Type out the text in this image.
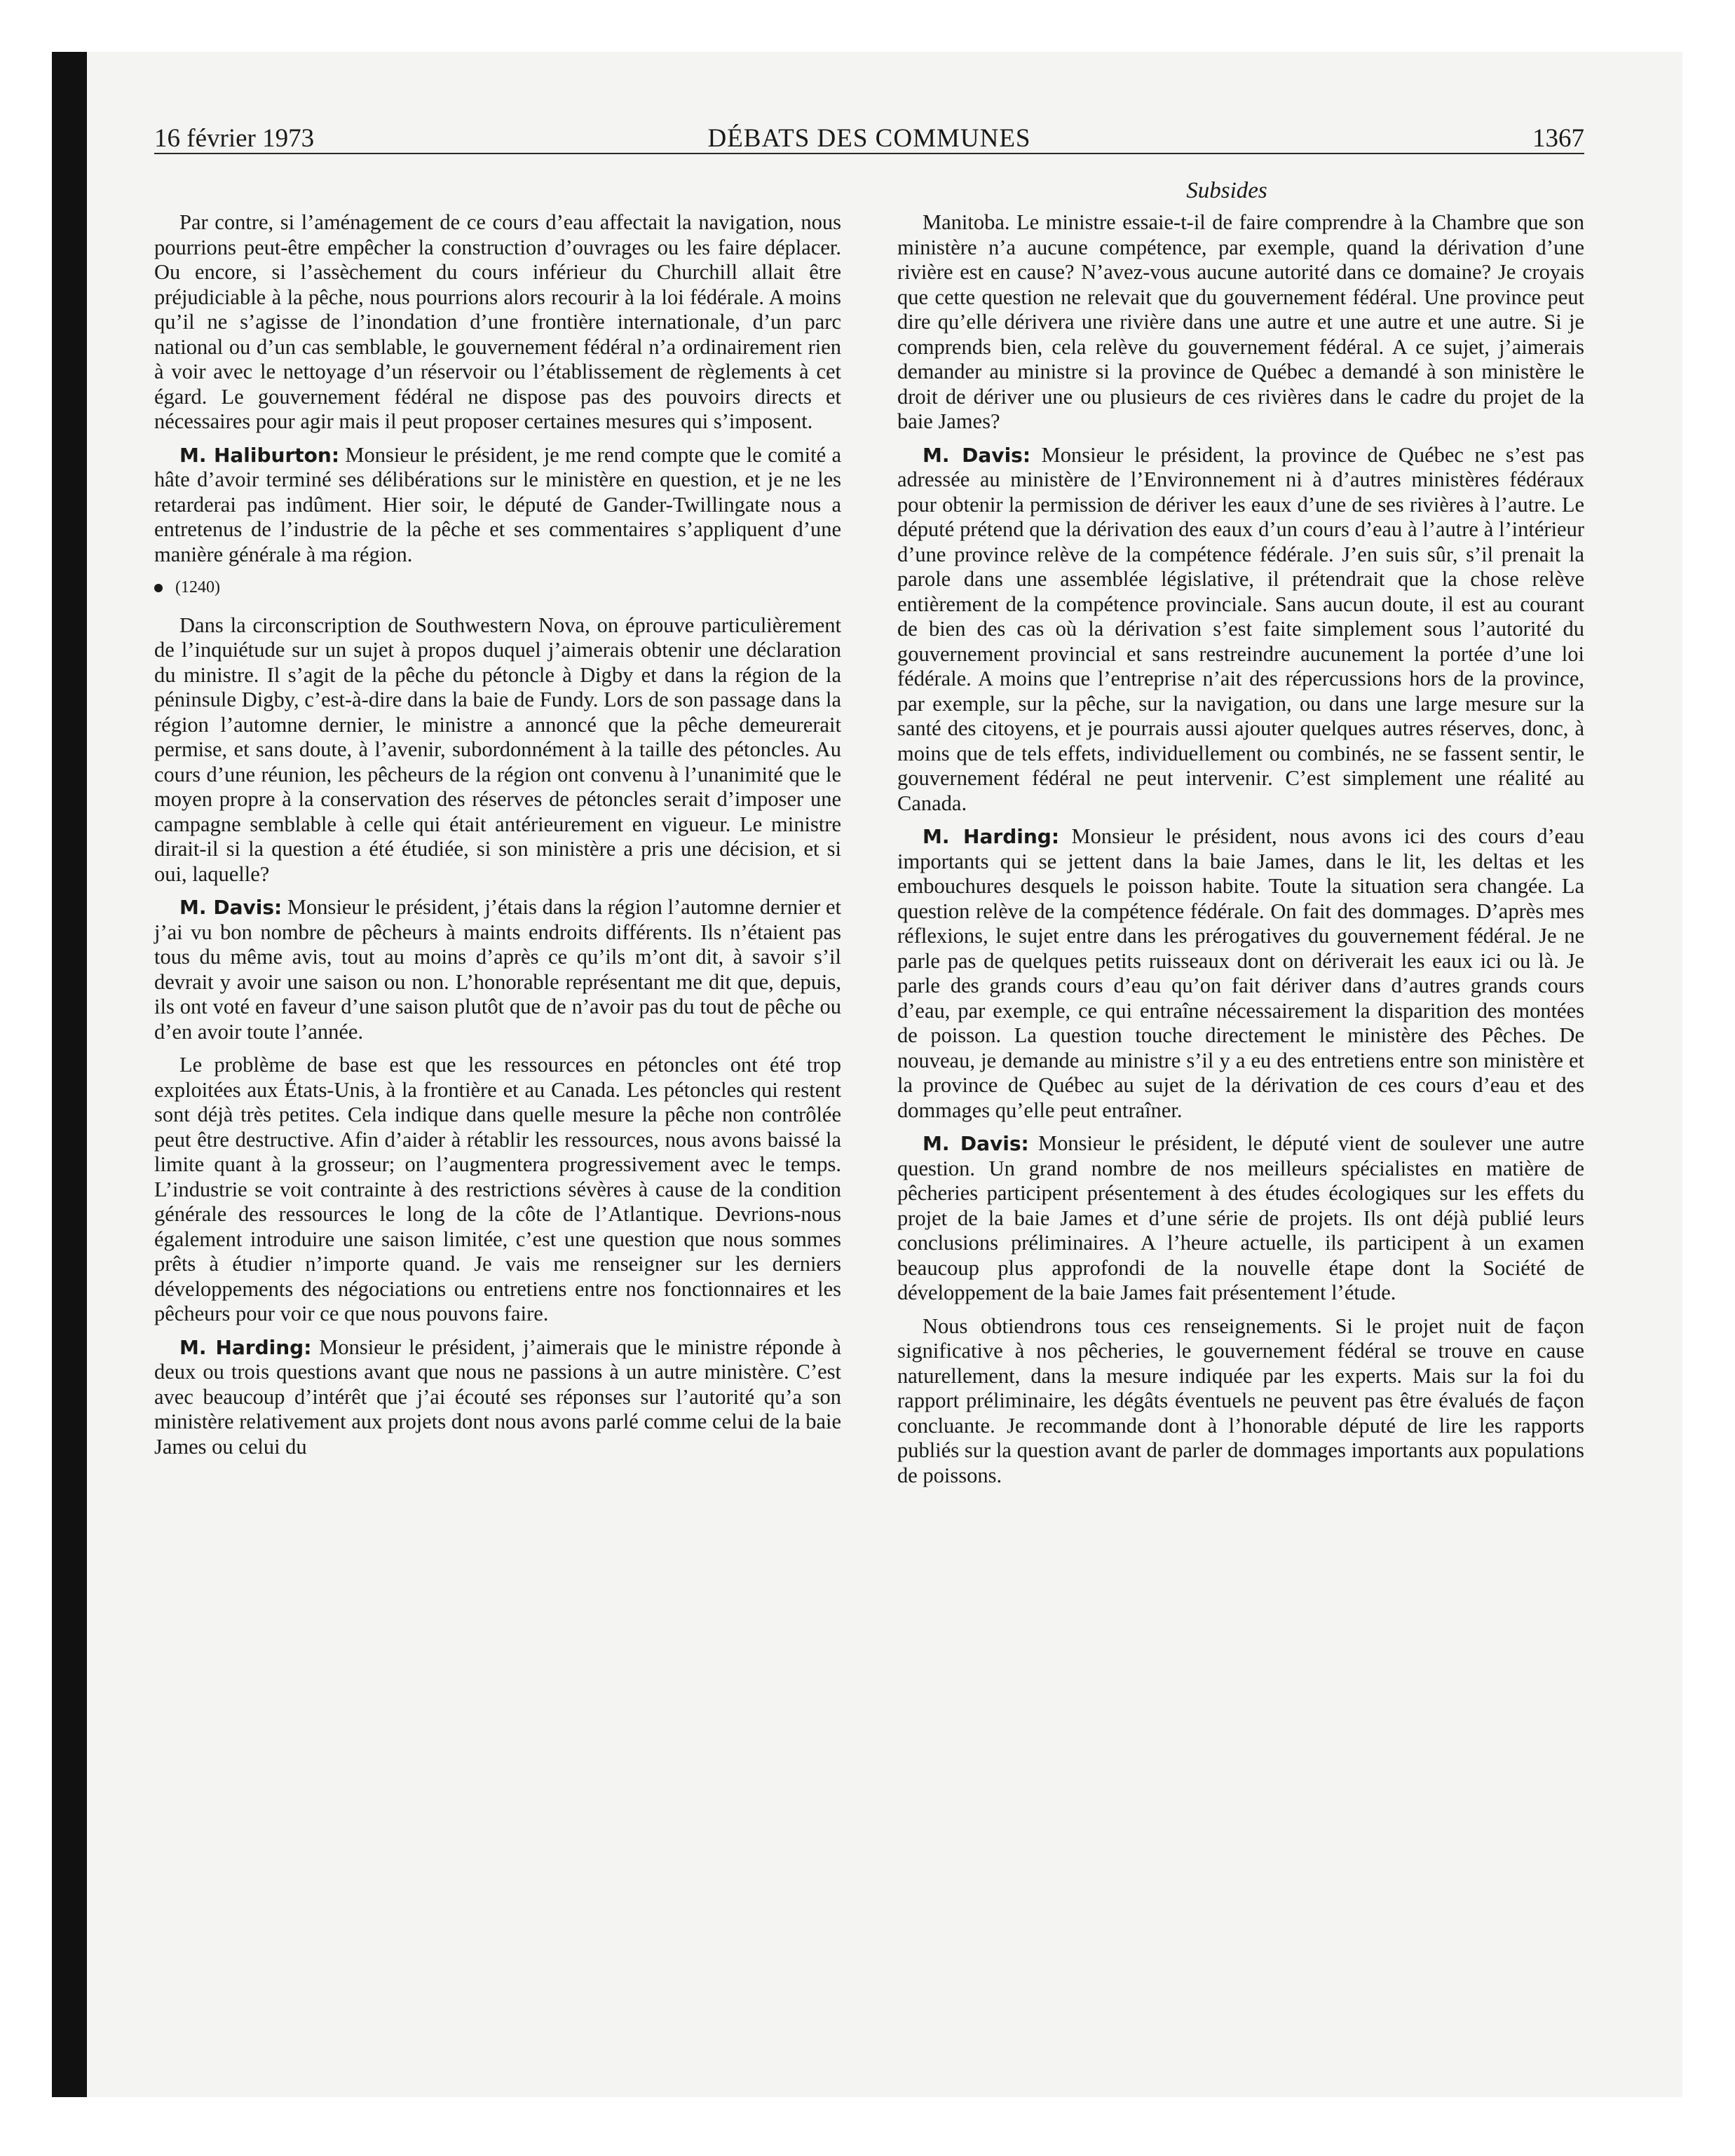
16 février 1973	DÉBATS DES COMMUNES	1367
Subsides

Par contre, si l’aménagement de ce cours d’eau affectait la navigation, nous pourrions peut-être empêcher la construction d’ouvrages ou les faire déplacer. Ou encore, si l’assèchement du cours inférieur du Churchill allait être préjudiciable à la pêche, nous pourrions alors recourir à la loi fédérale. A moins qu’il ne s’agisse de l’inondation d’une frontière internationale, d’un parc national ou d’un cas semblable, le gouvernement fédéral n’a ordinairement rien à voir avec le nettoyage d’un réservoir ou l’établissement de règlements à cet égard. Le gouvernement fédéral ne dispose pas des pouvoirs directs et nécessaires pour agir mais il peut proposer certaines mesures qui s’imposent.

M. Haliburton: Monsieur le président, je me rend compte que le comité a hâte d’avoir terminé ses délibérations sur le ministère en question, et je ne les retarderai pas indûment. Hier soir, le député de Gander-Twillingate nous a entretenus de l’industrie de la pêche et ses commentaires s’appliquent d’une manière générale à ma région.

(1240)

Dans la circonscription de Southwestern Nova, on éprouve particulièrement de l’inquiétude sur un sujet à propos duquel j’aimerais obtenir une déclaration du ministre. Il s’agit de la pêche du pétoncle à Digby et dans la région de la péninsule Digby, c’est-à-dire dans la baie de Fundy. Lors de son passage dans la région l’automne dernier, le ministre a annoncé que la pêche demeurerait permise, et sans doute, à l’avenir, subordonnément à la taille des pétoncles. Au cours d’une réunion, les pêcheurs de la région ont convenu à l’unanimité que le moyen propre à la conservation des réserves de pétoncles serait d’imposer une campagne semblable à celle qui était antérieurement en vigueur. Le ministre dirait-il si la question a été étudiée, si son ministère a pris une décision, et si oui, laquelle?

M. Davis: Monsieur le président, j’étais dans la région l’automne dernier et j’ai vu bon nombre de pêcheurs à maints endroits différents. Ils n’étaient pas tous du même avis, tout au moins d’après ce qu’ils m’ont dit, à savoir s’il devrait y avoir une saison ou non. L’honorable représentant me dit que, depuis, ils ont voté en faveur d’une saison plutôt que de n’avoir pas du tout de pêche ou d’en avoir toute l’année.

Le problème de base est que les ressources en pétoncles ont été trop exploitées aux États-Unis, à la frontière et au Canada. Les pétoncles qui restent sont déjà très petites. Cela indique dans quelle mesure la pêche non contrôlée peut être destructive. Afin d’aider à rétablir les ressources, nous avons baissé la limite quant à la grosseur; on l’augmentera progressivement avec le temps. L’industrie se voit contrainte à des restrictions sévères à cause de la condition générale des ressources le long de la côte de l’Atlantique. Devrions-nous également introduire une saison limitée, c’est une question que nous sommes prêts à étudier n’importe quand. Je vais me renseigner sur les derniers développements des négociations ou entretiens entre nos fonctionnaires et les pêcheurs pour voir ce que nous pouvons faire.

M. Harding: Monsieur le président, j’aimerais que le ministre réponde à deux ou trois questions avant que nous ne passions à un autre ministère. C’est avec beaucoup d’intérêt que j’ai écouté ses réponses sur l’autorité qu’a son ministère relativement aux projets dont nous avons parlé comme celui de la baie James ou celui du

Manitoba. Le ministre essaie-t-il de faire comprendre à la Chambre que son ministère n’a aucune compétence, par exemple, quand la dérivation d’une rivière est en cause? N’avez-vous aucune autorité dans ce domaine? Je croyais que cette question ne relevait que du gouvernement fédéral. Une province peut dire qu’elle dérivera une rivière dans une autre et une autre et une autre. Si je comprends bien, cela relève du gouvernement fédéral. A ce sujet, j’aimerais demander au ministre si la province de Québec a demandé à son ministère le droit de dériver une ou plusieurs de ces rivières dans le cadre du projet de la baie James?

M. Davis: Monsieur le président, la province de Québec ne s’est pas adressée au ministère de l’Environnement ni à d’autres ministères fédéraux pour obtenir la permission de dériver les eaux d’une de ses rivières à l’autre. Le député prétend que la dérivation des eaux d’un cours d’eau à l’autre à l’intérieur d’une province relève de la compétence fédérale. J’en suis sûr, s’il prenait la parole dans une assemblée législative, il prétendrait que la chose relève entièrement de la compétence provinciale. Sans aucun doute, il est au courant de bien des cas où la dérivation s’est faite simplement sous l’autorité du gouvernement provincial et sans restreindre aucunement la portée d’une loi fédérale. A moins que l’entreprise n’ait des répercussions hors de la province, par exemple, sur la pêche, sur la navigation, ou dans une large mesure sur la santé des citoyens, et je pourrais aussi ajouter quelques autres réserves, donc, à moins que de tels effets, individuellement ou combinés, ne se fassent sentir, le gouvernement fédéral ne peut intervenir. C’est simplement une réalité au Canada.

M. Harding: Monsieur le président, nous avons ici des cours d’eau importants qui se jettent dans la baie James, dans le lit, les deltas et les embouchures desquels le poisson habite. Toute la situation sera changée. La question relève de la compétence fédérale. On fait des dommages. D’après mes réflexions, le sujet entre dans les prérogatives du gouvernement fédéral. Je ne parle pas de quelques petits ruisseaux dont on dériverait les eaux ici ou là. Je parle des grands cours d’eau qu’on fait dériver dans d’autres grands cours d’eau, par exemple, ce qui entraîne nécessairement la disparition des montées de poisson. La question touche directement le ministère des Pêches. De nouveau, je demande au ministre s’il y a eu des entretiens entre son ministère et la province de Québec au sujet de la dérivation de ces cours d’eau et des dommages qu’elle peut entraîner.

M. Davis: Monsieur le président, le député vient de soulever une autre question. Un grand nombre de nos meilleurs spécialistes en matière de pêcheries participent présentement à des études écologiques sur les effets du projet de la baie James et d’une série de projets. Ils ont déjà publié leurs conclusions préliminaires. A l’heure actuelle, ils participent à un examen beaucoup plus approfondi de la nouvelle étape dont la Société de développement de la baie James fait présentement l’étude.

Nous obtiendrons tous ces renseignements. Si le projet nuit de façon significative à nos pêcheries, le gouvernement fédéral se trouve en cause naturellement, dans la mesure indiquée par les experts. Mais sur la foi du rapport préliminaire, les dégâts éventuels ne peuvent pas être évalués de façon concluante. Je recommande dont à l’honorable député de lire les rapports publiés sur la question avant de parler de dommages importants aux populations de poissons.
